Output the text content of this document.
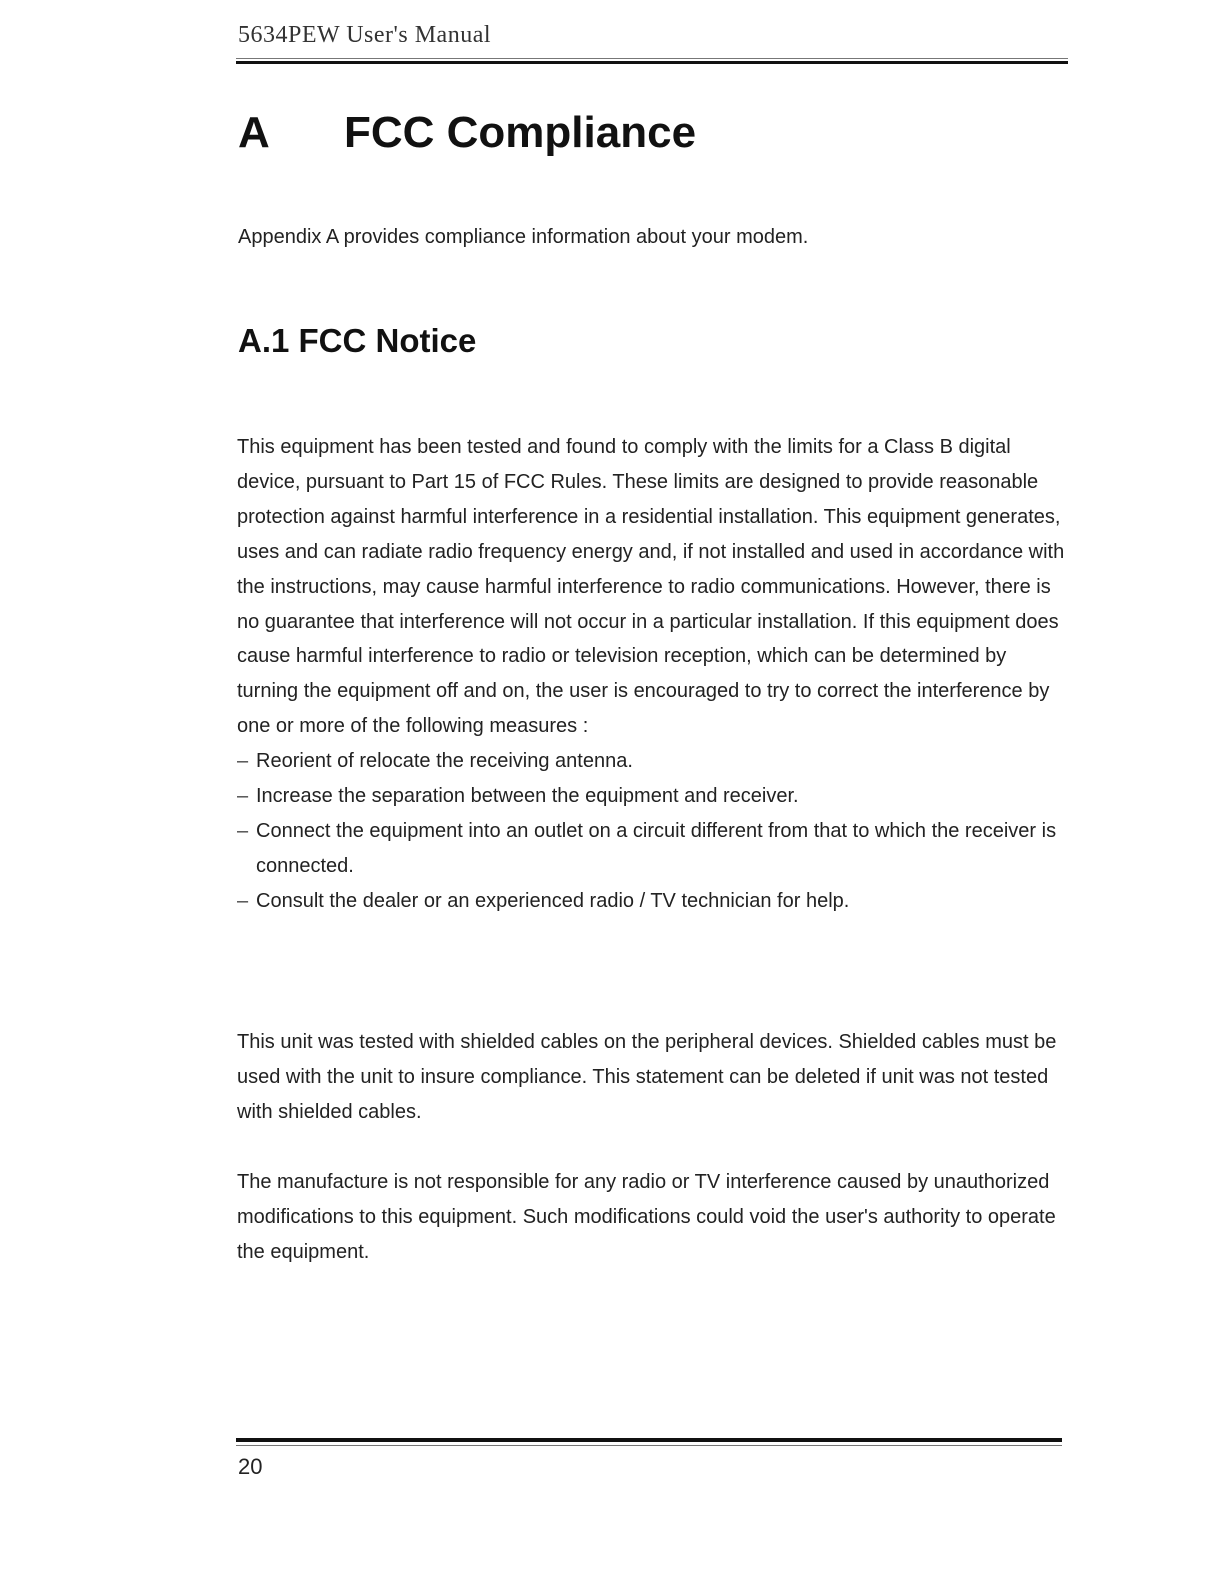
5634PEW User's Manual
A FCC Compliance

Appendix A provides compliance information about your modem.

A.1 FCC Notice

This equipment has been tested and found to comply with the limits for a Class B digital device, pursuant to Part 15 of FCC Rules. These limits are designed to provide reasonable protection against harmful interference in a residential installation. This equipment generates, uses and can radiate radio frequency energy and, if not installed and used in accordance with the instructions, may cause harmful interference to radio communications. However, there is no guarantee that interference will not occur in a particular installation. If this equipment does cause harmful interference to radio or television reception, which can be determined by turning the equipment off and on, the user is encouraged to try to correct the interference by one or more of the following measures :

– Reorient of relocate the receiving antenna.
– Increase the separation between the equipment and receiver.
– Connect the equipment into an outlet on a circuit different from that to which the receiver is connected.
– Consult the dealer or an experienced radio / TV technician for help.

This unit was tested with shielded cables on the peripheral devices. Shielded cables must be used with the unit to insure compliance. This statement can be deleted if unit was not tested with shielded cables.

The manufacture is not responsible for any radio or TV interference caused by unauthorized modifications to this equipment. Such modifications could void the user's authority to operate the equipment.

20
